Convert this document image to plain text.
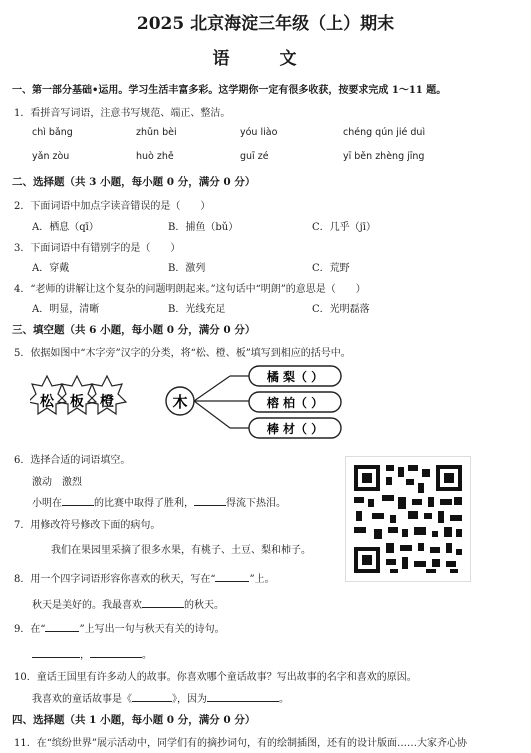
2025 北京海淀三年级（上）期末
语 文
一、第一部分基础•运用。学习生活丰富多彩。这学期你一定有很多收获，按要求完成 1～11 题。
1．看拼音写词语，注意书写规范、端正、整洁。
chì bǎng	zhǔn bèi	yóu liào	chéng qún jié duì
yǎn zòu	huò zhě	guī zé	yī běn zhèng jīng
二、选择题（共 3 小题，每小题 0 分，满分 0 分）
2．下面词语中加点字读音错误的是（　　）
A．栖息（qī）	B．捕鱼（bǔ）	C．几乎（jī）
3．下面词语中有错别字的是（　　）
A．穿戴	B．激列	C．荒野
4．“老师的讲解让这个复杂的问题明朗起来。”这句话中“明朗”的意思是（　　）
A．明显，清晰	B．光线充足	C．光明磊落
三、填空题（共 6 小题，每小题 0 分，满分 0 分）
5．依据如图中“木字旁”汉字的分类，将“松、橙、板”填写到相应的括号中。
松 板 橙	木
橘 梨（ ）
榕 柏（ ）
棒 材（ ）
6．选择合适的词语填空。
激动　激烈
小明在	的比赛中取得了胜利，	得流下热泪。
7．用修改符号修改下面的病句。
我们在果园里采摘了很多水果，有桃子、土豆、梨和柿子。
8．用一个四字词语形容你喜欢的秋天，写在“	”上。
秋天是美好的。我最喜欢	的秋天。
9．在“	”上写出一句与秋天有关的诗句。
，	。
10．童话王国里有许多动人的故事。你喜欢哪个童话故事？写出故事的名字和喜欢的原因。
我喜欢的童话故事是《	》，因为	。
四、选择题（共 1 小题，每小题 0 分，满分 0 分）
11．在“缤纷世界”展示活动中，同学们有的摘抄词句，有的绘制插图，还有的设计版面……大家齐心协
